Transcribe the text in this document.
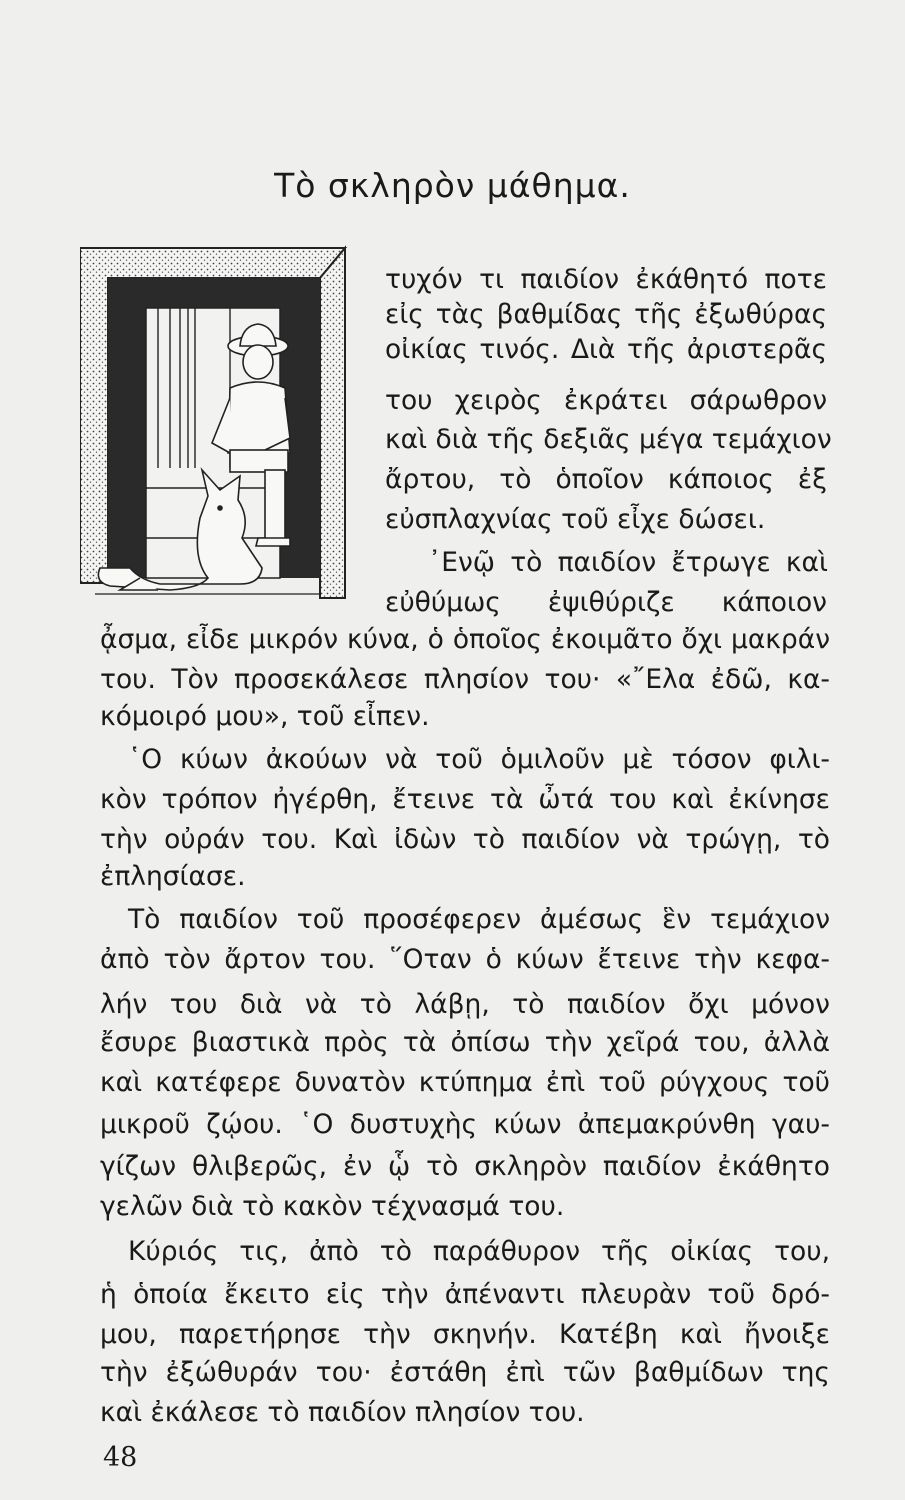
Τὸ σκληρὸν μάθημα.
τυχόν τι παιδίον ἐκάθητό ποτε
εἰς τὰς βαθμίδας τῆς ἐξωθύρας
οἰκίας τινός. Διὰ τῆς ἀριστερᾶς
του χειρὸς ἐκράτει σάρωθρον
καὶ διὰ τῆς δεξιᾶς μέγα τεμάχιον
ἄρτου, τὸ ὁποῖον κάποιος ἐξ
εὐσπλαχνίας τοῦ εἶχε δώσει.
᾿Ενῷ τὸ παιδίον ἔτρωγε καὶ
εὐθύμως ἐψιθύριζε κάποιον
ᾆσμα, εἶδε μικρόν κύνα, ὁ ὁποῖος ἐκοιμᾶτο ὄχι μακράν
του. Τὸν προσεκάλεσε πλησίον του· «῎Ελα ἐδῶ, κα-
κόμοιρό μου», τοῦ εἶπεν.
῾Ο κύων ἀκούων νὰ τοῦ ὁμιλοῦν μὲ τόσον φιλι-
κὸν τρόπον ἠγέρθη, ἔτεινε τὰ ὦτά του καὶ ἐκίνησε
τὴν οὐράν του. Καὶ ἰδὼν τὸ παιδίον νὰ τρώγῃ, τὸ
ἐπλησίασε.
Τὸ παιδίον τοῦ προσέφερεν ἀμέσως ἓν τεμάχιον
ἀπὸ τὸν ἄρτον του. ῞Οταν ὁ κύων ἔτεινε τὴν κεφα-
λήν του διὰ νὰ τὸ λάβῃ, τὸ παιδίον ὄχι μόνον
ἔσυρε βιαστικὰ πρὸς τὰ ὀπίσω τὴν χεῖρά του, ἀλλὰ
καὶ κατέφερε δυνατὸν κτύπημα ἐπὶ τοῦ ρύγχους τοῦ
μικροῦ ζῴου. ῾Ο δυστυχὴς κύων ἀπεμακρύνθη γαυ-
γίζων θλιβερῶς, ἐν ᾧ τὸ σκληρὸν παιδίον ἐκάθητο
γελῶν διὰ τὸ κακὸν τέχνασμά του.
Κύριός τις, ἀπὸ τὸ παράθυρον τῆς οἰκίας του,
ἡ ὁποία ἔκειτο εἰς τὴν ἀπέναντι πλευρὰν τοῦ δρό-
μου, παρετήρησε τὴν σκηνήν. Κατέβη καὶ ἤνοιξε
τὴν ἐξώθυράν του· ἐστάθη ἐπὶ τῶν βαθμίδων της
καὶ ἐκάλεσε τὸ παιδίον πλησίον του.
48
